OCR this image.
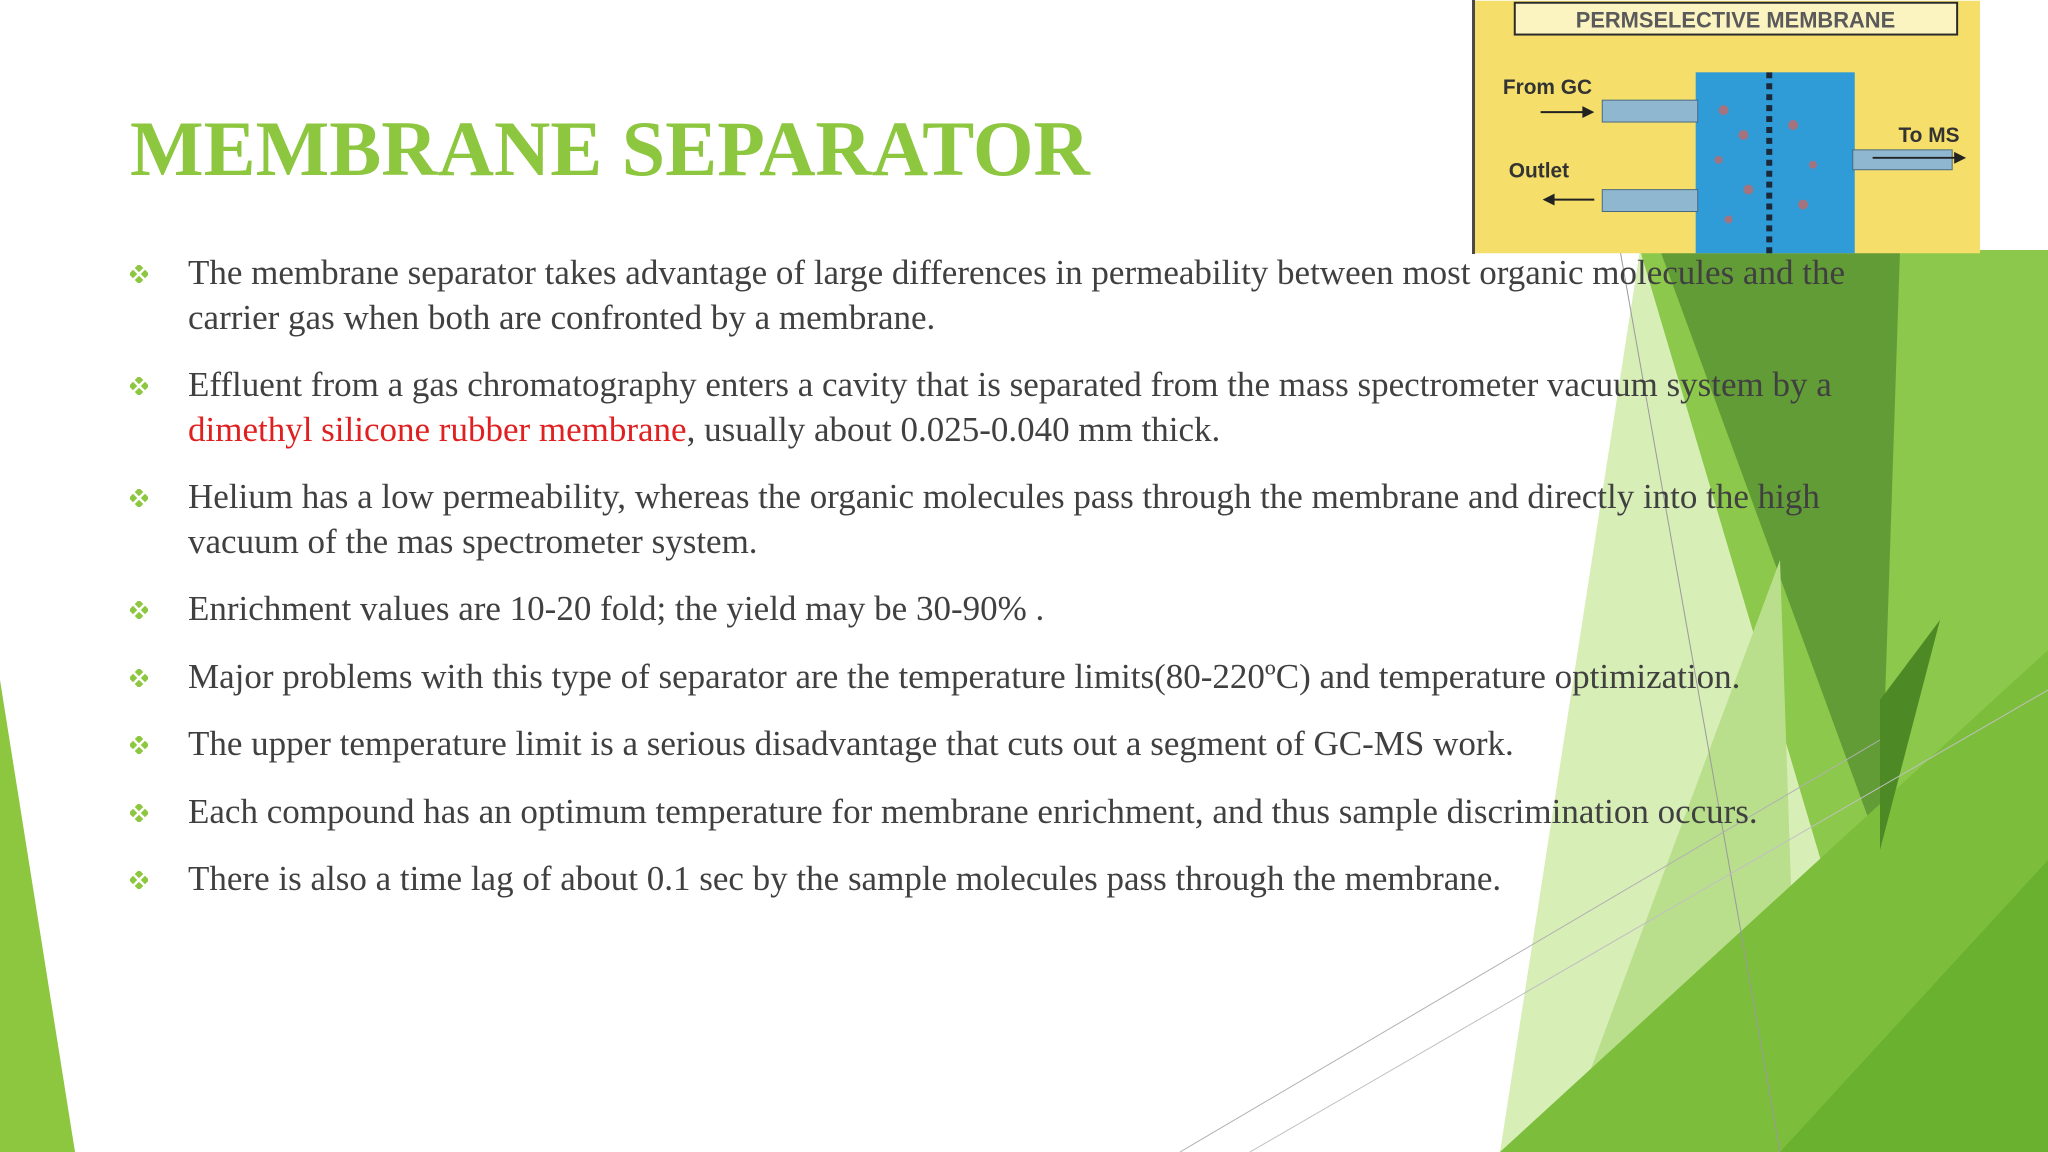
MEMBRANE SEPARATOR
The membrane separator takes advantage of large differences in permeability between most organic molecules and the carrier gas when both are confronted by a membrane.
Effluent from a gas chromatography enters a cavity that is separated from the mass spectrometer vacuum system by a dimethyl silicone rubber membrane, usually about 0.025-0.040 mm thick.
Helium has a low permeability, whereas the organic molecules pass through the membrane and directly into the high vacuum of the mas spectrometer system.
Enrichment values are 10-20 fold; the yield may be 30-90% .
Major problems with this type of separator are the temperature limits(80-220ºC) and temperature optimization.
The upper temperature limit is a serious disadvantage that cuts out a segment of GC-MS work.
Each compound has an optimum temperature for membrane enrichment, and thus sample discrimination occurs.
There is also a time lag of about 0.1 sec by the sample molecules pass through the membrane.
PERMSELECTIVE MEMBRANE
From GC
Outlet
To MS
